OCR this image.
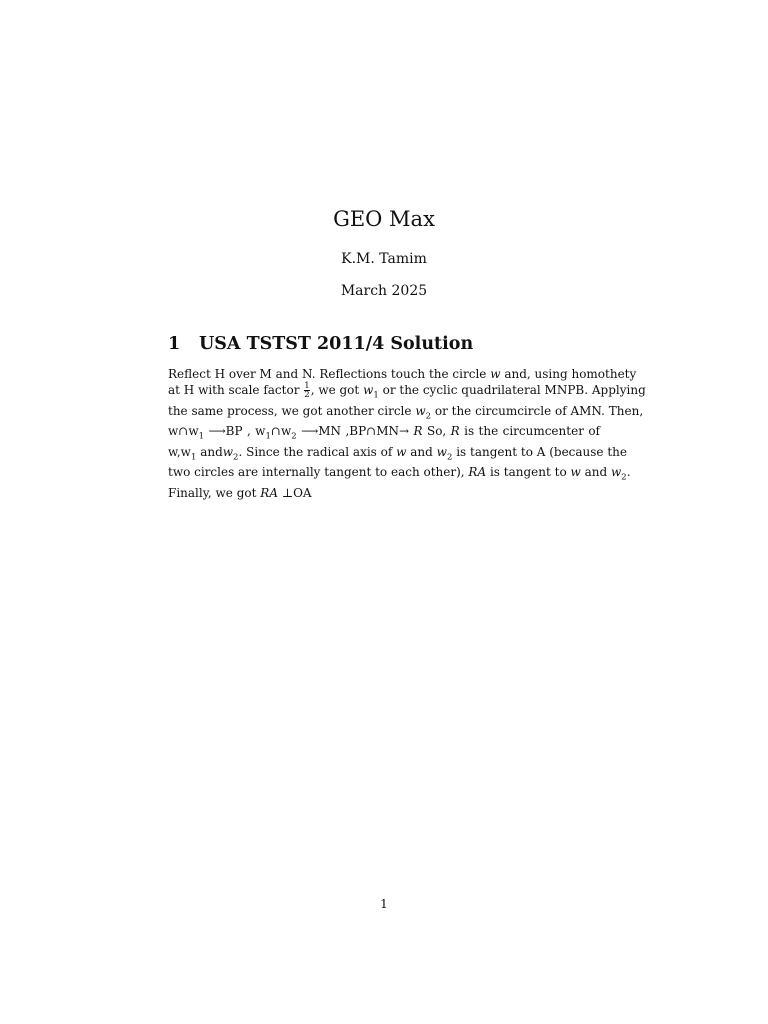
GEO Max
K.M. Tamim
March 2025
1 USA TSTST 2011/4 Solution
Reflect H over M and N. Reflections touch the circle w and, using homothety
at H with scale factor $\frac{1}{2}$ , we got $w_1$ or the cyclic quadrilateral MNPB. Applying
the same process, we got another circle $w_2$ or the circumcircle of AMN. Then,
$w\cap w_1$ ⟶BP , $w_1\cap w_2$ ⟶MN ,BP∩MN→ R So, R is the circumcenter of
$w,w_1$ andw$_2$. Since the radical axis of w and $w_2$ is tangent to A (because the
two circles are internally tangent to each other), RA is tangent to w and $w_2$.
Finally, we got RA ⊥OA
1
